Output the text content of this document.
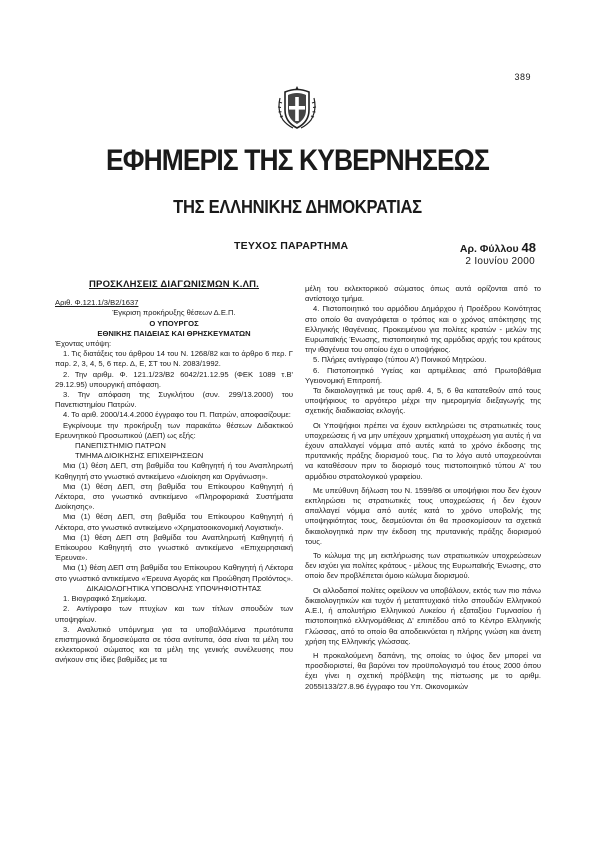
389
ΕΦΗΜΕΡΙΣ ΤΗΣ ΚΥΒΕΡΝΗΣΕΩΣ
ΤΗΣ ΕΛΛΗΝΙΚΗΣ ΔΗΜΟΚΡΑΤΙΑΣ
ΤΕΥΧΟΣ ΠΑΡΑΡΤΗΜΑ	Αρ. Φύλλου 48
2 Ιουνίου 2000
ΠΡΟΣΚΛΗΣΕΙΣ ΔΙΑΓΩΝΙΣΜΩΝ Κ.ΛΠ.

Αριθ. Φ.121.1/3/Β2/1637

Έγκριση προκήρυξης θέσεων Δ.Ε.Π.

Ο ΥΠΟΥΡΓΟΣ

ΕΘΝΙΚΗΣ ΠΑΙΔΕΙΑΣ ΚΑΙ ΘΡΗΣΚΕΥΜΑΤΩΝ

Έχοντας υπόψη:

1. Τις διατάξεις του άρθρου 14 του Ν. 1268/82 και το άρθρο 6 περ. Γ παρ. 2, 3, 4, 5, 6 περ. Δ, Ε, ΣΤ του Ν. 2083/1992.

2. Την αριθμ. Φ. 121.1/23/Β2 6042/21.12.95 (ΦΕΚ 1089 τ.Β' 29.12.95) υπουργική απόφαση.

3. Την απόφαση της Συγκλήτου (συν. 299/13.2000) του Πανεπιστημίου Πατρών.

4. Το αριθ. 2000/14.4.2000 έγγραφο του Π. Πατρών, αποφασίζουμε:

Εγκρίνουμε την προκήρυξη των παρακάτω θέσεων Διδακτικού Ερευνητικού Προσωπικού (ΔΕΠ) ως εξής:

ΠΑΝΕΠΙΣΤΗΜΙΟ ΠΑΤΡΩΝ

ΤΜΗΜΑ ΔΙΟΙΚΗΣΗΣ ΕΠΙΧΕΙΡΗΣΕΩΝ

Μια (1) θέση ΔΕΠ, στη βαθμίδα του Καθηγητή ή του Αναπληρωτή Καθηγητή στο γνωστικό αντικείμενο «Διοίκηση και Οργάνωση».

Μια (1) θέση ΔΕΠ, στη βαθμίδα του Επίκουρου Καθηγητή ή Λέκτορα, στο γνωστικό αντικείμενο «Πληροφοριακά Συστήματα Διοίκησης».

Μια (1) θέση ΔΕΠ, στη βαθμίδα του Επίκουρου Καθηγητή ή Λέκτορα, στο γνωστικό αντικείμενο «Χρηματοοικονομική Λογιστική».

Μια (1) θέση ΔΕΠ στη βαθμίδα του Αναπληρωτή Καθηγητή ή Επίκουρου Καθηγητή στο γνωστικό αντικείμενο «Επιχειρησιακή Έρευνα».

Μια (1) θέση ΔΕΠ στη βαθμίδα του Επίκουρου Καθηγητή ή Λέκτορα στο γνωστικό αντικείμενο «Έρευνα Αγοράς και Προώθηση Προϊόντος».

ΔΙΚΑΙΟΛΟΓΗΤΙΚΑ ΥΠΟΒΟΛΗΣ ΥΠΟΨΗΦΙΟΤΗΤΑΣ

1. Βιογραφικό Σημείωμα.

2. Αντίγραφο των πτυχίων και των τίτλων σπουδών των υποψηφίων.

3. Αναλυτικό υπόμνημα για τα υποβαλλόμενα πρωτότυπα επιστημονικά δημοσιεύματα σε τόσα αντίτυπα, όσα είναι τα μέλη του εκλεκτορικού σώματος και τα μέλη της γενικής συνέλευσης που ανήκουν στις ίδιες βαθμίδες με τα

μέλη του εκλεκτορικού σώματος όπως αυτά ορίζονται από το αντίστοιχο τμήμα.

4. Πιστοποιητικό του αρμόδιου Δημάρχου ή Προέδρου Κοινότητας στο οποίο θα αναγράφεται ο τρόπος και ο χρόνος απόκτησης της Ελληνικής Ιθαγένειας. Προκειμένου για πολίτες κρατών - μελών της Ευρωπαϊκής Ένωσης, πιστοποιητικό της αρμόδιας αρχής του κράτους την ιθαγένεια του οποίου έχει ο υποψήφιος.

5. Πλήρες αντίγραφο (τύπου Α') Ποινικού Μητρώου.

6. Πιστοποιητικό Υγείας και αρτιμέλειας από Πρωτοβάθμια Υγειονομική Επιτροπή.

Τα δικαιολογητικά με τους αριθ. 4, 5, 6 θα κατατεθούν από τους υποψήφιους το αργότερο μέχρι την ημερομηνία διεξαγωγής της σχετικής διαδικασίας εκλογής.

Οι Υποψήφιοι πρέπει να έχουν εκπληρώσει τις στρατιωτικές τους υποχρεώσεις ή να μην υπέχουν χρηματική υποχρέωση για αυτές ή να έχουν απαλλαγεί νόμιμα από αυτές κατά το χρόνο έκδοσης της πρυτανικής πράξης διορισμού τους. Για το λόγο αυτό υποχρεούνται να καταθέσουν πριν το διορισμό τους πιστοποιητικό τύπου Α' του αρμόδιου στρατολογικού γραφείου.

Με υπεύθυνη δήλωση του Ν. 1599/86 οι υποψήφιοι που δεν έχουν εκπληρώσει τις στρατιωτικές τους υποχρεώσεις ή δεν έχουν απαλλαγεί νόμιμα από αυτές κατά το χρόνο υποβολής της υποψηφιότητας τους, δεσμεύονται ότι θα προσκομίσουν τα σχετικά δικαιολογητικά πριν την έκδοση της πρυτανικής πράξης διορισμού τους.

Το κώλυμα της μη εκπλήρωσης των στρατιωτικών υποχρεώσεων δεν ισχύει για πολίτες κράτους - μέλους της Ευρωπαϊκής Ένωσης, στο οποίο δεν προβλέπεται όμοιο κώλυμα διορισμού.

Οι αλλοδαποί πολίτες οφείλουν να υποβάλουν, εκτός των πιο πάνω δικαιολογητικών και τυχόν ή μεταπτυχιακό τίτλο σπουδών Ελληνικού Α.Ε.Ι, ή απολυτήριο Ελληνικού Λυκείου ή εξαταξίου Γυμνασίου ή πιστοποιητικό ελληνομάθειας Δ' επιπέδου από το Κέντρο Ελληνικής Γλώσσας, από το οποίο θα αποδεικνύεται η πλήρης γνώση και άνετη χρήση της Ελληνικής γλώσσας.

Η προκαλούμενη δαπάνη, της οποίας το ύψος δεν μπορεί να προσδιοριστεί, θα βαρύνει τον προϋπολογισμό του έτους 2000 όπου έχει γίνει η σχετική πρόβλεψη της πίστωσης με το αριθμ. 2055Ι133/27.8.96 έγγραφο του Υπ. Οικονομικών
